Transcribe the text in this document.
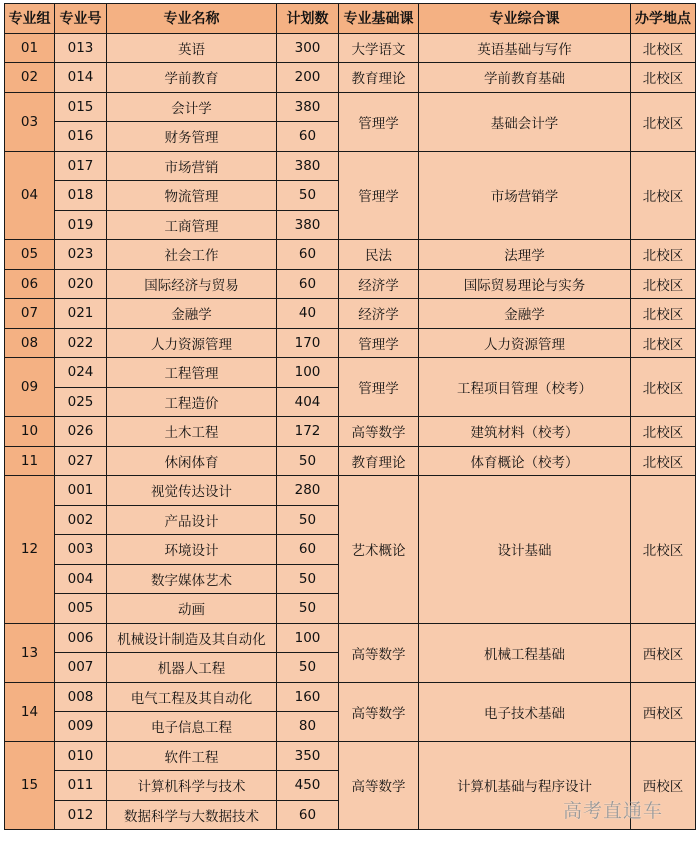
专业组	专业号	专业名称	计划数	专业基础课	专业综合课	办学地点
01	013	英语	300	大学语文	英语基础与写作	北校区
02	014	学前教育	200	教育理论	学前教育基础	北校区
03	015	会计学	380	管理学	基础会计学	北校区
	016	财务管理	60			
04	017	市场营销	380	管理学	市场营销学	北校区
	018	物流管理	50			
	019	工商管理	380			
05	023	社会工作	60	民法	法理学	北校区
06	020	国际经济与贸易	60	经济学	国际贸易理论与实务	北校区
07	021	金融学	40	经济学	金融学	北校区
08	022	人力资源管理	170	管理学	人力资源管理	北校区
09	024	工程管理	100	管理学	工程项目管理（校考）	北校区
	025	工程造价	404			
10	026	土木工程	172	高等数学	建筑材料（校考）	北校区
11	027	休闲体育	50	教育理论	体育概论（校考）	北校区
12	001	视觉传达设计	280	艺术概论	设计基础	北校区
	002	产品设计	50			
	003	环境设计	60			
	004	数字媒体艺术	50			
	005	动画	50			
13	006	机械设计制造及其自动化	100	高等数学	机械工程基础	西校区
	007	机器人工程	50			
14	008	电气工程及其自动化	160	高等数学	电子技术基础	西校区
	009	电子信息工程	80			
15	010	软件工程	350	高等数学	计算机基础与程序设计	西校区
	011	计算机科学与技术	450			
	012	数据科学与大数据技术	60				高考直通车
